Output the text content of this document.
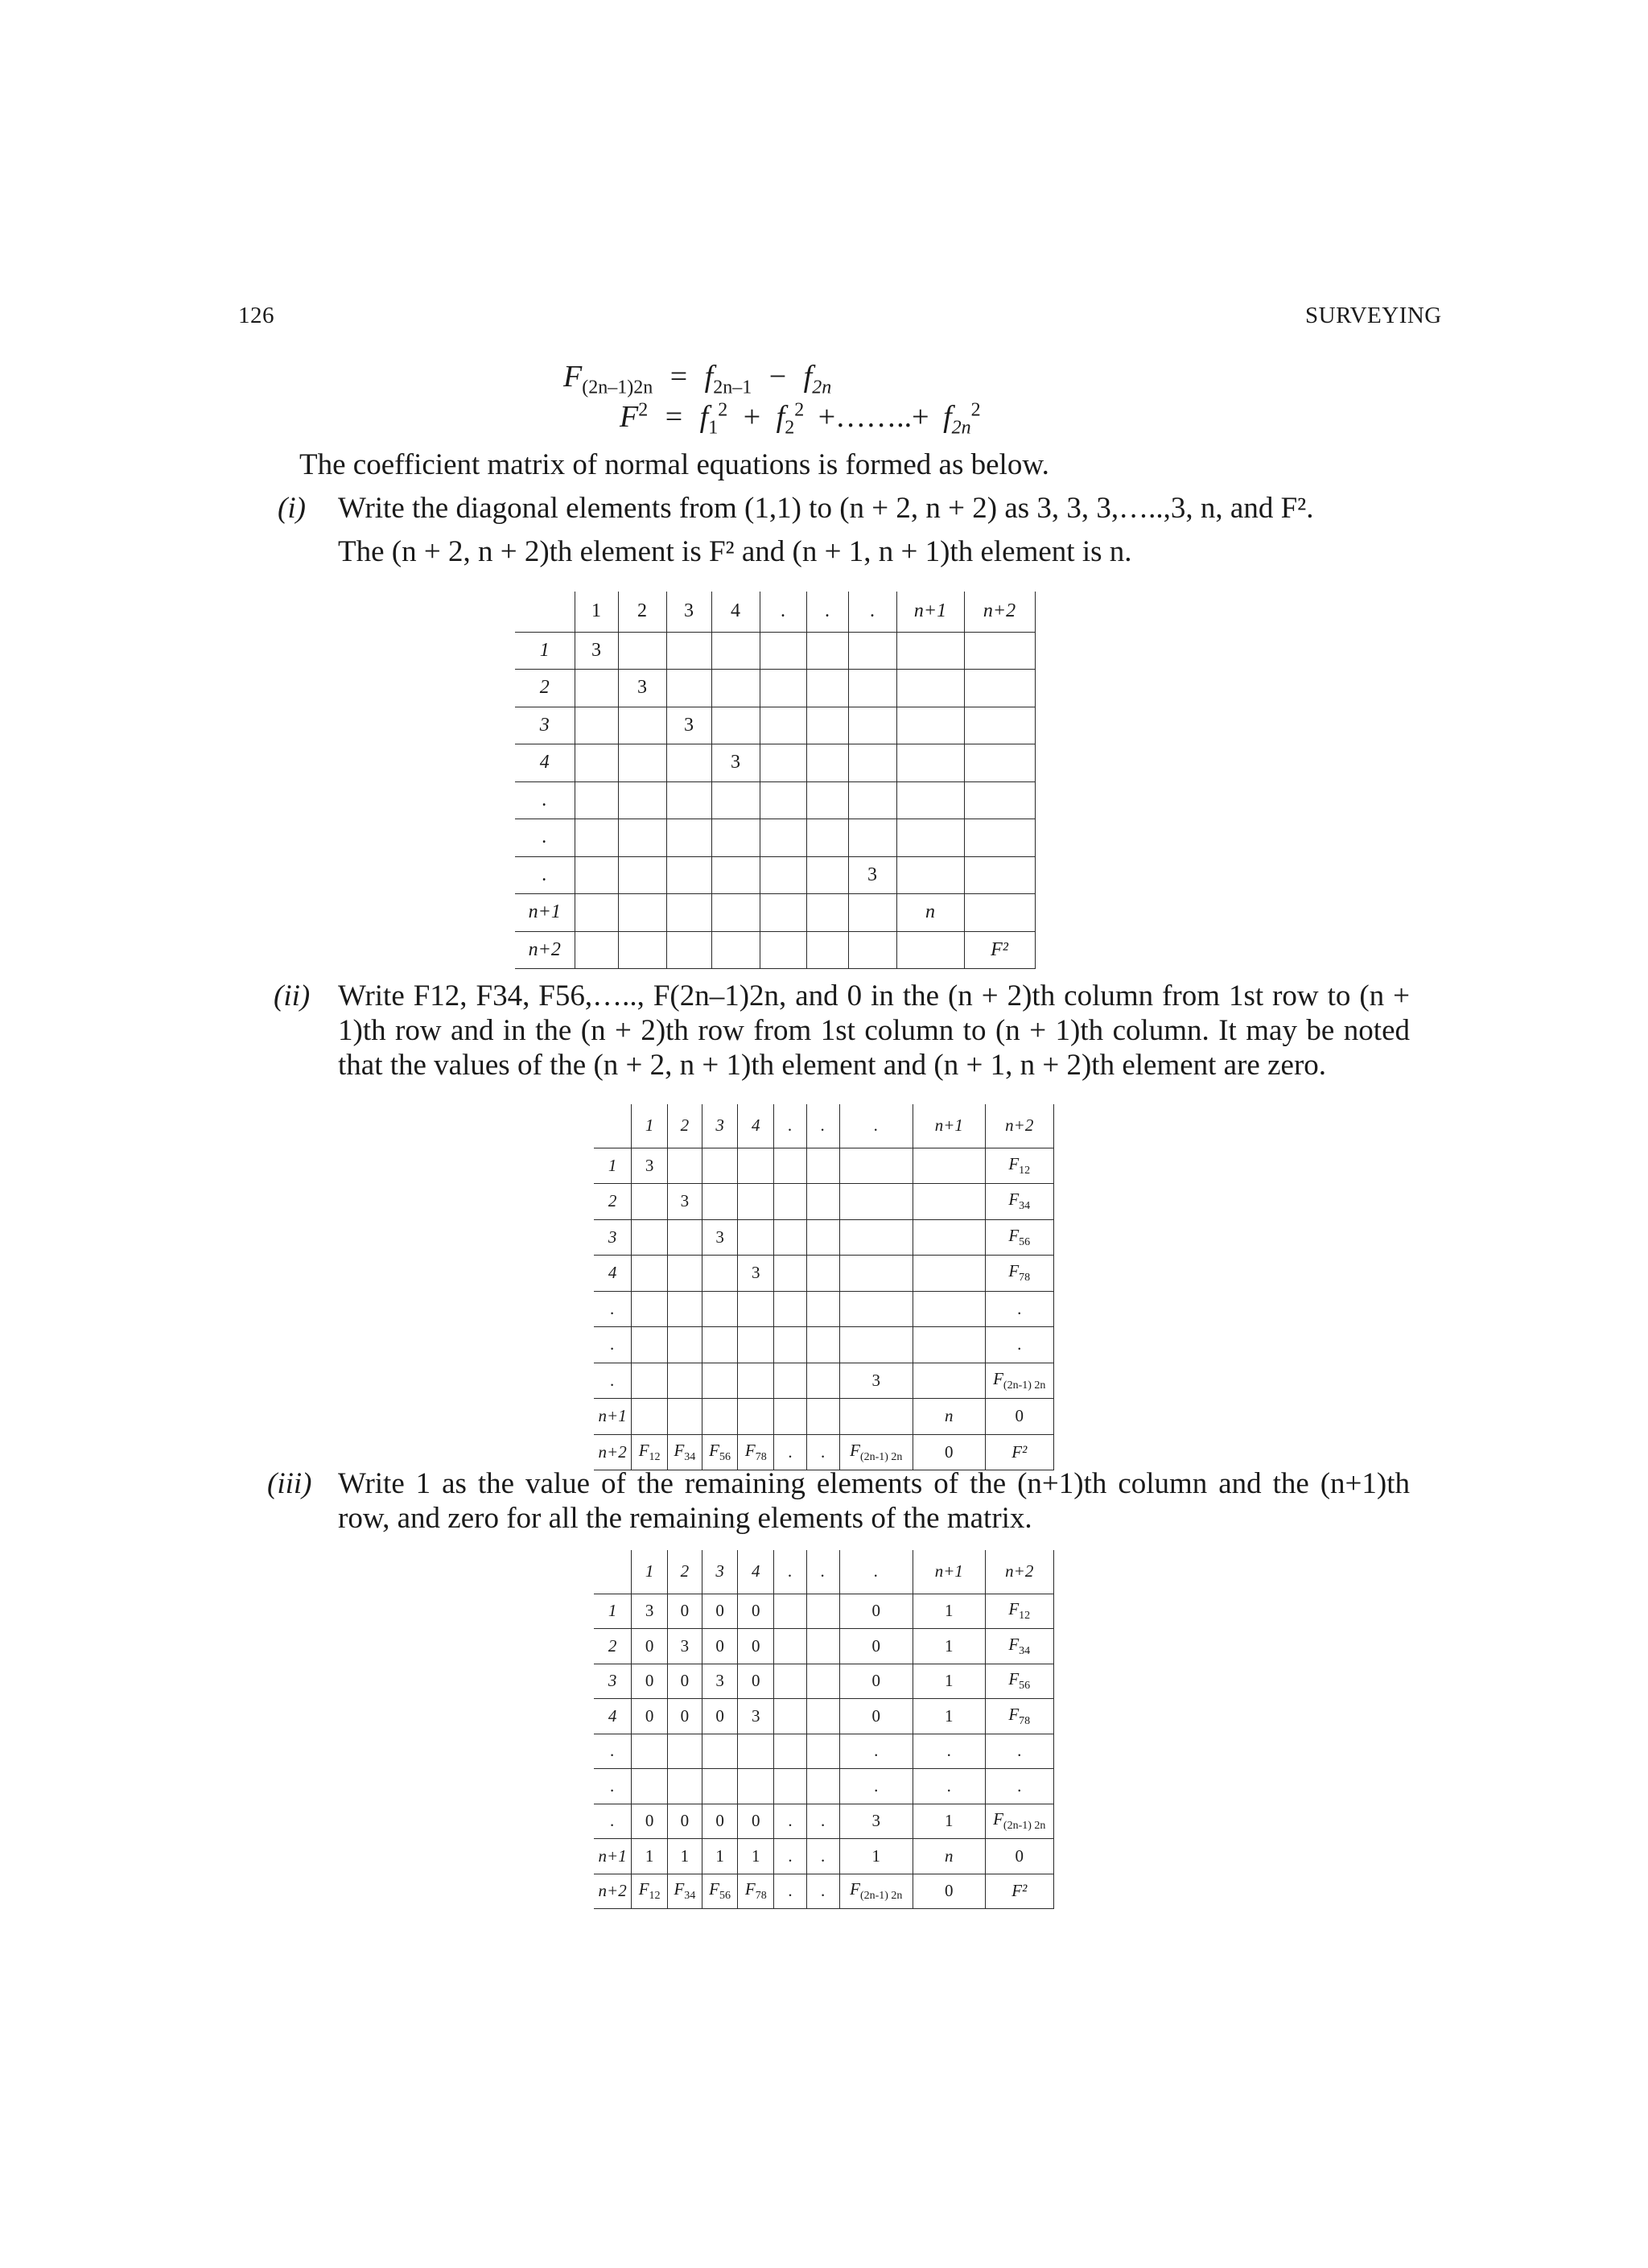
126	SURVEYING
$F_{(2n-1)2n} = f_{2n-1} - f_{2n}$
$F^2 = f_1^2 + f_2^2$ +……..+ $f_{2n}^2$
The coefficient matrix of normal equations is formed as below.
(i) Write the diagonal elements from (1,1) to (n + 2, n + 2) as 3, 3, 3,…..,3, n, and F².
The (n + 2, n + 2)th element is F² and (n + 1, n + 1)th element is n.
	1	2	3	4	.	.	.	n+1	n+2
1	3								
2		3							
3			3						
4				3					
.									
.									
.							3		
n+1								n	
n+2									F²
(ii) Write F12, F34, F56,….., F(2n–1)2n, and 0 in the (n + 2)th column from 1st row to (n + 1)th row and in the (n + 2)th row from 1st column to (n + 1)th column. It may be noted that the values of the (n + 2, n + 1)th element and (n + 1, n + 2)th element are zero.
	1	2	3	4	.	.	.	n+1	n+2
1	3								$F_{12}$
2		3							$F_{34}$
3			3						$F_{56}$
4				3					$F_{78}$
.									.
.									.
.							3		$F_{(2n-1) 2n}$
n+1								n	0
n+2	$F_{12}$	$F_{34}$	$F_{56}$	$F_{78}$	.	.	$F_{(2n-1) 2n}$	0	F²
(iii) Write 1 as the value of the remaining elements of the (n+1)th column and the (n+1)th row, and zero for all the remaining elements of the matrix.
	1	2	3	4	.	.	.	n+1	n+2
1	3	0	0	0			0	1	$F_{12}$
2	0	3	0	0			0	1	$F_{34}$
3	0	0	3	0			0	1	$F_{56}$
4	0	0	0	3			0	1	$F_{78}$
.							.	.	.
.							.	.	.
.	0	0	0	0	.	.	3	1	$F_{(2n-1) 2n}$
n+1	1	1	1	1	.	.	1	n	0
n+2	$F_{12}$	$F_{34}$	$F_{56}$	$F_{78}$	.	.	$F_{(2n-1) 2n}$	0	F²
